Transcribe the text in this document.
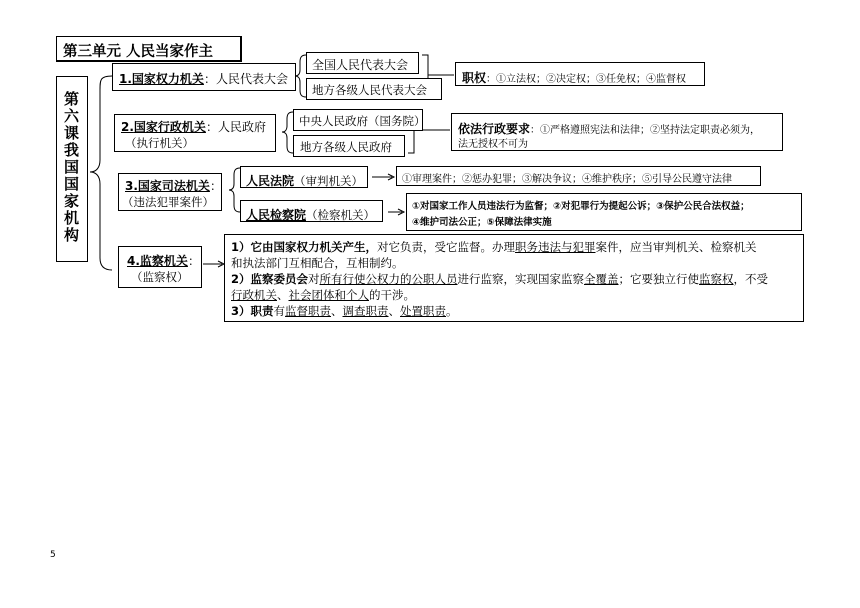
第三单元 人民当家作主
第六课  我国国家机构
1.国家权力机关：人民代表大会
全国人民代表大会
地方各级人民代表大会
职权：①立法权；②决定权；③任免权；④监督权
2.国家行政机关：人民政府
（执行机关）
中央人民政府（国务院）
地方各级人民政府
依法行政要求：①严格遵照宪法和法律；②坚持法定职责必须为，
法无授权不可为
3.国家司法机关：
（违法犯罪案件）
人民法院（审判机关）	①审理案件；②惩办犯罪；③解决争议；④维护秩序；⑤引导公民遵守法律
人民检察院（检察机关）
①对国家工作人员违法行为监督；②对犯罪行为提起公诉；③保护公民合法权益；
④维护司法公正；⑤保障法律实施
4.监察机关：
（监察权）
1）它由国家权力机关产生，对它负责，受它监督。办理职务违法与犯罪案件，应当审判机关、检察机关
和执法部门互相配合，互相制约。
2）监察委员会对所有行使公权力的公职人员进行监察，实现国家监察全覆盖；它要独立行使监察权，不受
行政机关、社会团体和个人的干涉。
3）职责有监督职责、调查职责、处置职责。
5
